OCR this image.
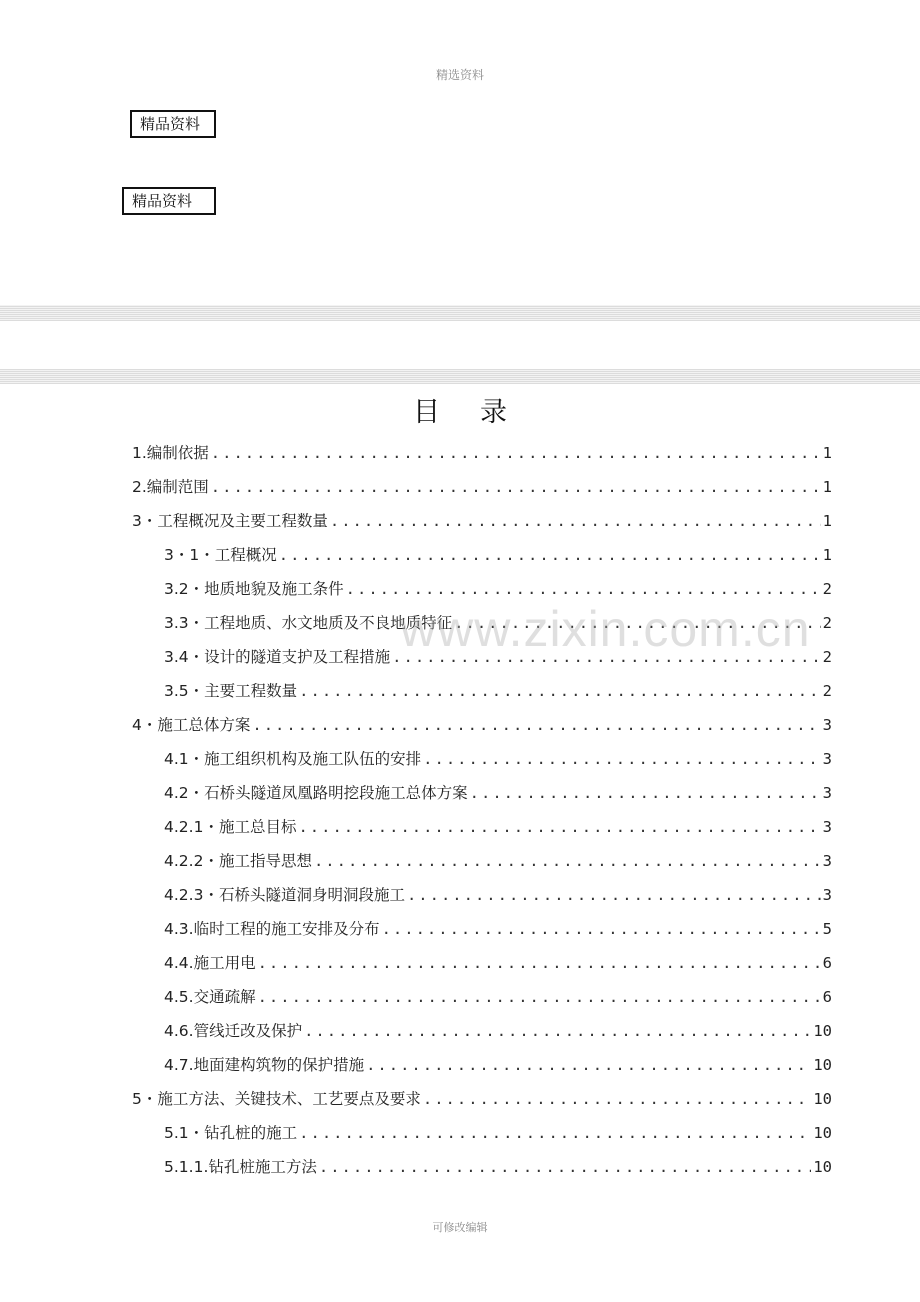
精选资料
精品资料
精品资料
目录
1.编制依据 .....	1
2.编制范围 .....	1
3・工程概况及主要工程数量 .....	1
3・1・工程概况 .....	1
3.2・地质地貌及施工条件 .....	2
3.3・工程地质、水文地质及不良地质特征 .....	2
3.4・设计的隧道支护及工程措施 .....	2
3.5・主要工程数量 .....	2
4・施工总体方案 .....	3
4.1・施工组织机构及施工队伍的安排 .....	3
4.2・石桥头隧道凤凰路明挖段施工总体方案 .....	3
4.2.1・施工总目标 .....	3
4.2.2・施工指导思想 .....	3
4.2.3・石桥头隧道洞身明洞段施工 .....	3
4.3.临时工程的施工安排及分布 .....	5
4.4.施工用电 .....	6
4.5.交通疏解 .....	6
4.6.管线迁改及保护 .....	10
4.7.地面建构筑物的保护措施 .....	10
5・施工方法、关键技术、工艺要点及要求 .....	10
5.1・钻孔桩的施工 .....	10
5.1.1.钻孔桩施工方法 .....	10
www.zixin.com.cn
可修改编辑
